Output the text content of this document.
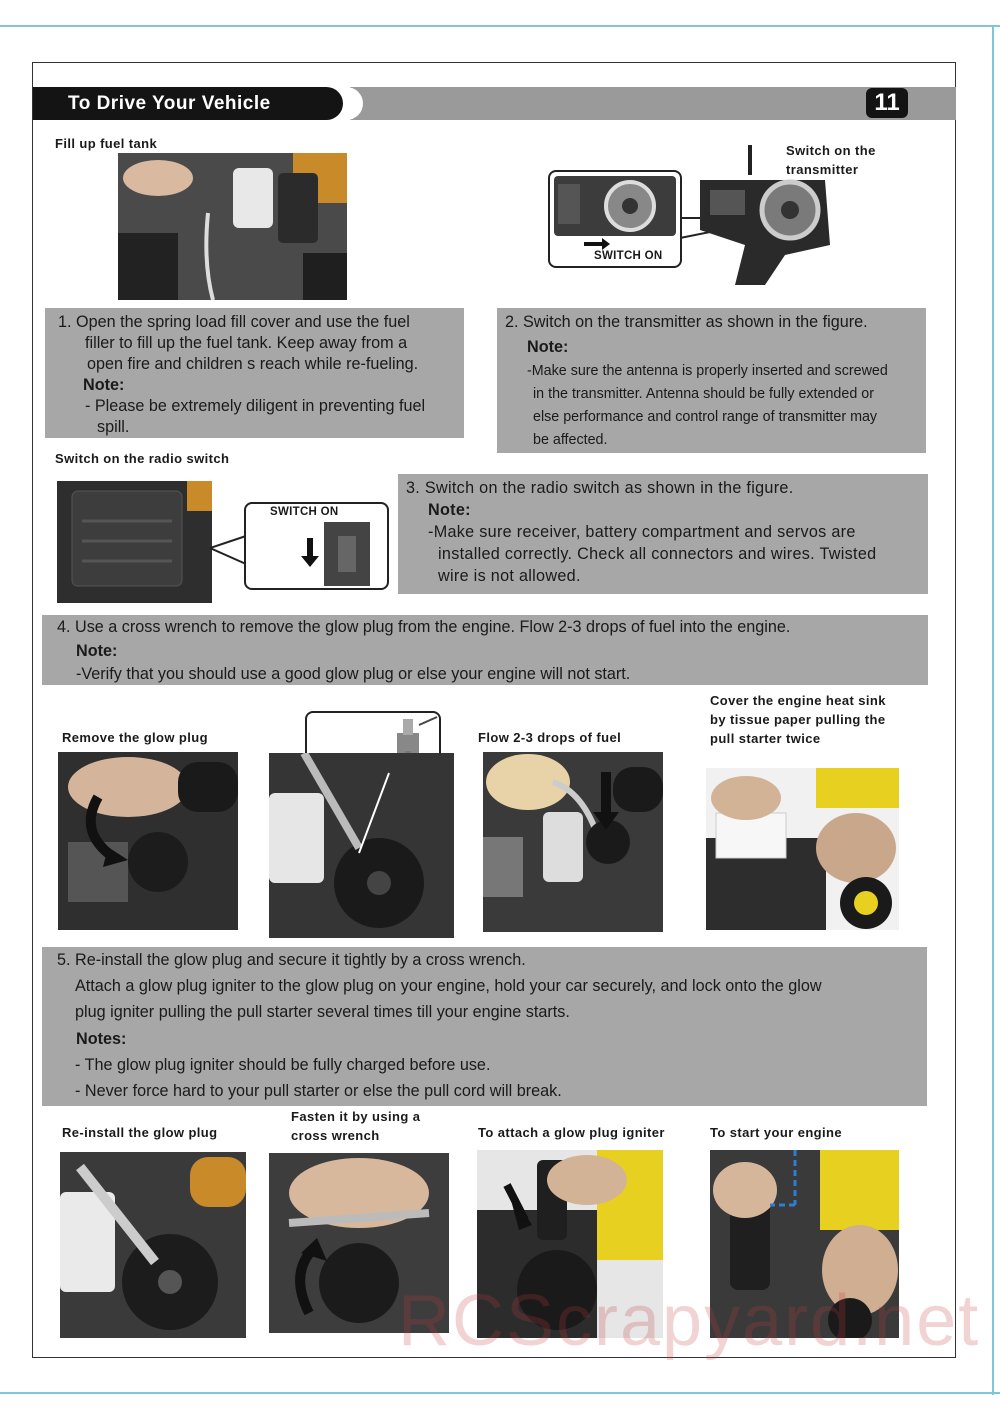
To Drive Your Vehicle	11
Fill up fuel tank	Switch on the
transmitter
SWITCH ON
1. Open the spring load fill cover and use the fuel
filler to fill up the fuel tank. Keep away from a
open fire and children s reach while re-fueling.
Note:
- Please be extremely diligent in preventing fuel
spill.
2. Switch on the transmitter as shown in the figure.
Note:
-Make sure the antenna is properly inserted and screwed
in the transmitter. Antenna should be fully extended or
else performance and control range of transmitter may
be affected.
Switch on the radio switch
SWITCH ON
3. Switch on the radio switch as shown in the figure.
Note:
-Make sure receiver, battery compartment and servos are
installed correctly. Check all connectors and wires. Twisted
wire is not allowed.
4. Use a cross wrench to remove the glow plug from the engine. Flow 2-3 drops of fuel into the engine.
Note:
-Verify that you should use a good glow plug or else your engine will not start.
Remove the glow plug	Flow 2-3 drops of fuel
Cover the engine heat sink
by tissue paper pulling the
pull starter twice
5. Re-install the glow plug and secure it tightly by a cross wrench.
Attach a glow plug igniter to the glow plug on your engine, hold your car securely, and lock onto the glow
plug igniter pulling the pull starter several times till your engine starts.
Notes:
- The glow plug igniter should be fully charged before use.
- Never force hard to your pull starter or else the pull cord will break.
Re-install the glow plug
Fasten it by using a
cross wrench	To attach a glow plug igniter	To start your engine
RCScrapyard.net
